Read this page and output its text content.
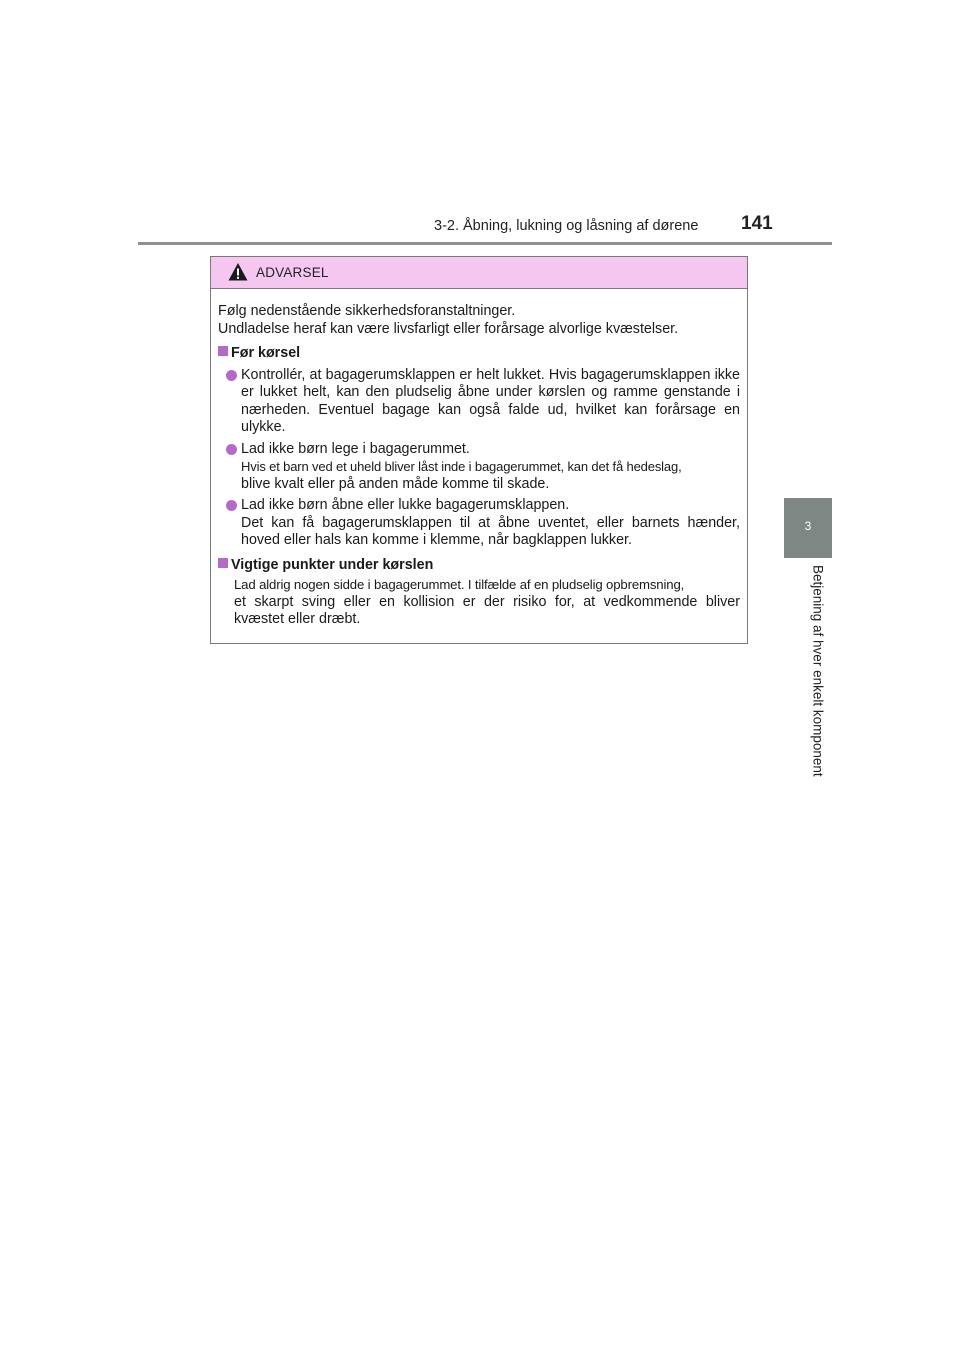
3-2. Åbning, lukning og låsning af dørene 141
3
Betjening af hver enkelt komponent
ADVARSEL

Følg nedenstående sikkerhedsforanstaltninger.

Undladelse heraf kan være livsfarligt eller forårsage alvorlige kvæstelser.

Før kørsel

Kontrollér, at bagagerumsklappen er helt lukket. Hvis bagagerumsklappen ikke er lukket helt, kan den pludselig åbne under kørslen og ramme genstande i nærheden. Eventuel bagage kan også falde ud, hvilket kan forårsage en ulykke.

Lad ikke børn lege i bagagerummet.

Hvis et barn ved et uheld bliver låst inde i bagagerummet, kan det få hedeslag,

blive kvalt eller på anden måde komme til skade.

Lad ikke børn åbne eller lukke bagagerumsklappen.

Det kan få bagagerumsklappen til at åbne uventet, eller barnets hænder, hoved eller hals kan komme i klemme, når bagklappen lukker.

Vigtige punkter under kørslen

Lad aldrig nogen sidde i bagagerummet. I tilfælde af en pludselig opbremsning,

et skarpt sving eller en kollision er der risiko for, at vedkommende bliver kvæstet eller dræbt.
